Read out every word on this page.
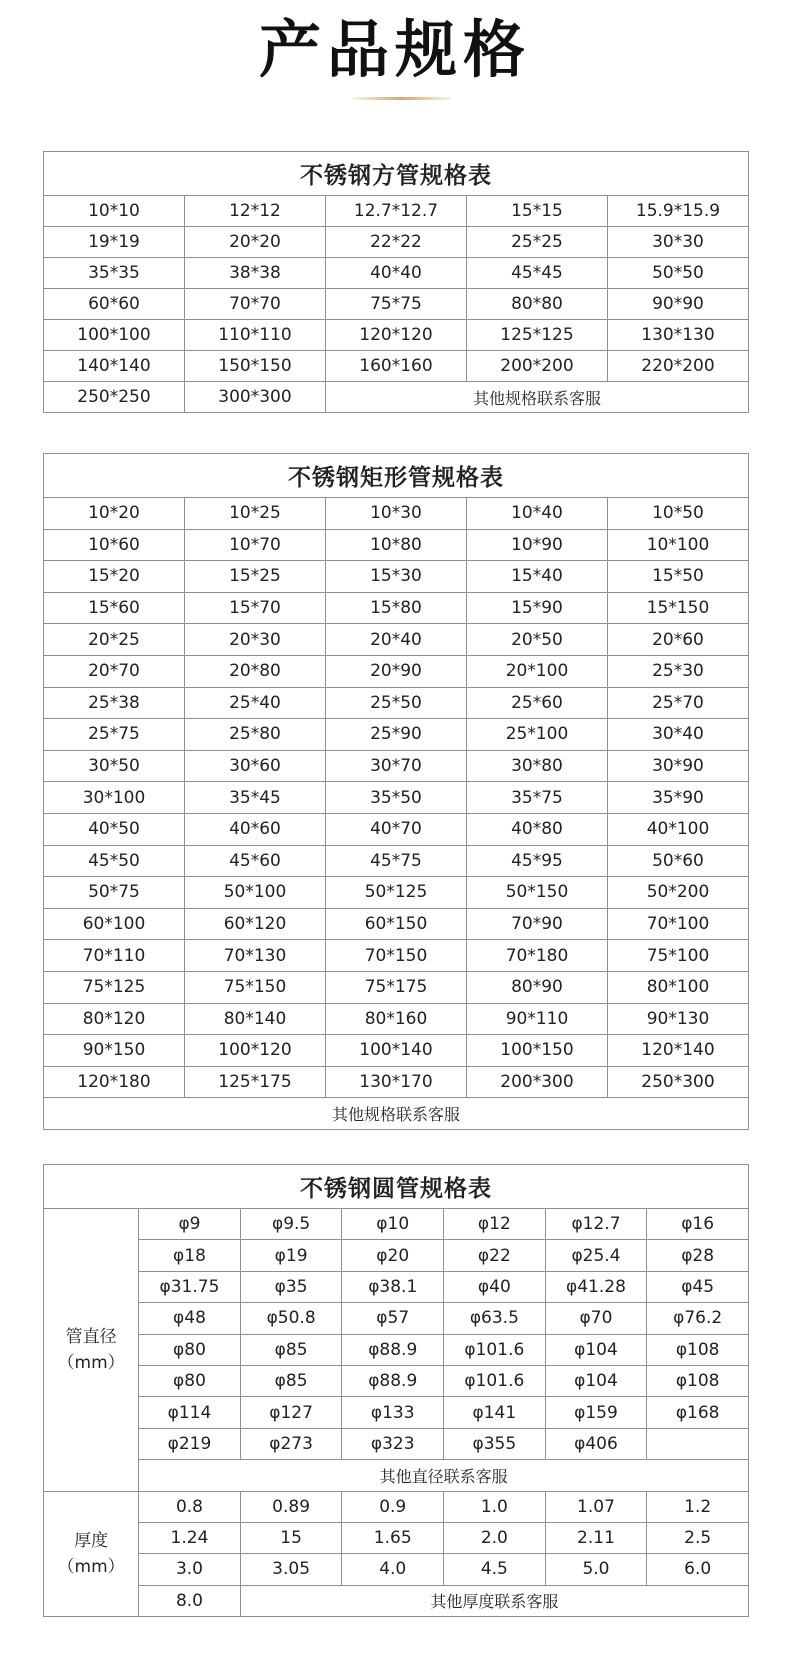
产品规格
不锈钢方管规格表				
10*10	12*12	12.7*12.7	15*15	15.9*15.9
19*19	20*20	22*22	25*25	30*30
35*35	38*38	40*40	45*45	50*50
60*60	70*70	75*75	80*80	90*90
100*100	110*110	120*120	125*125	130*130
140*140	150*150	160*160	200*200	220*200
250*250	300*300	其他规格联系客服		
不锈钢矩形管规格表				
10*20	10*25	10*30	10*40	10*50
10*60	10*70	10*80	10*90	10*100
15*20	15*25	15*30	15*40	15*50
15*60	15*70	15*80	15*90	15*150
20*25	20*30	20*40	20*50	20*60
20*70	20*80	20*90	20*100	25*30
25*38	25*40	25*50	25*60	25*70
25*75	25*80	25*90	25*100	30*40
30*50	30*60	30*70	30*80	30*90
30*100	35*45	35*50	35*75	35*90
40*50	40*60	40*70	40*80	40*100
45*50	45*60	45*75	45*95	50*60
50*75	50*100	50*125	50*150	50*200
60*100	60*120	60*150	70*90	70*100
70*110	70*130	70*150	70*180	75*100
75*125	75*150	75*175	80*90	80*100
80*120	80*140	80*160	90*110	90*130
90*150	100*120	100*140	100*150	120*140
120*180	125*175	130*170	200*300	250*300
其他规格联系客服				
不锈钢圆管规格表						

管直径
（mm）	φ9	φ9.5	φ10	φ12	φ12.7	φ16
	φ18	φ19	φ20	φ22	φ25.4	φ28
	φ31.75	φ35	φ38.1	φ40	φ41.28	φ45
	φ48	φ50.8	φ57	φ63.5	φ70	φ76.2
	φ80	φ85	φ88.9	φ101.6	φ104	φ108
	φ80	φ85	φ88.9	φ101.6	φ104	φ108
	φ114	φ127	φ133	φ141	φ159	φ168
	φ219	φ273	φ323	φ355	φ406	
	其他直径联系客服					

厚度
（mm）	0.8	0.89	0.9	1.0	1.07	1.2
	1.24	15	1.65	2.0	2.11	2.5
	3.0	3.05	4.0	4.5	5.0	6.0
	8.0	其他厚度联系客服				
